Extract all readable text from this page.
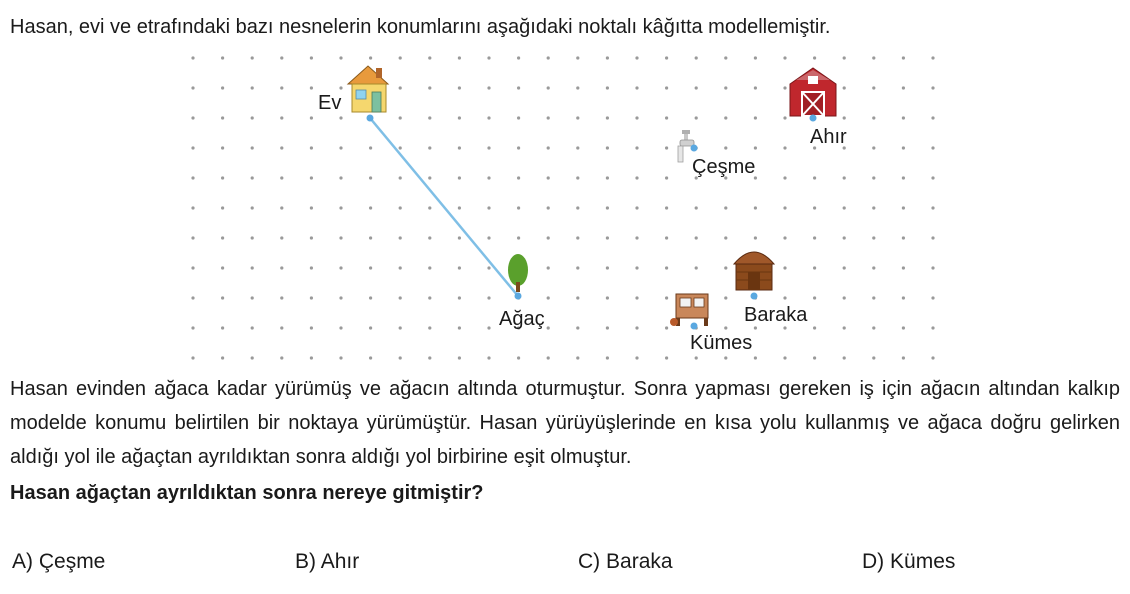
Hasan, evi ve etrafındaki bazı nesnelerin konumlarını aşağıdaki noktalı kâğıtta modellemiştir.

Ev
Ağaç
Çeşme
Ahır
Baraka
Kümes

Hasan evinden ağaca kadar yürümüş ve ağacın altında oturmuştur. Sonra yapması gereken iş için ağacın altından kalkıp modelde konumu belirtilen bir noktaya yürümüştür. Hasan yürüyüşlerinde en kısa yolu kullanmış ve ağaca doğru gelirken aldığı yol ile ağaçtan ayrıldıktan sonra aldığı yol birbirine eşit olmuştur.

Hasan ağaçtan ayrıldıktan sonra nereye gitmiştir?

A) Çeşme	B) Ahır	C) Baraka	D) Kümes
